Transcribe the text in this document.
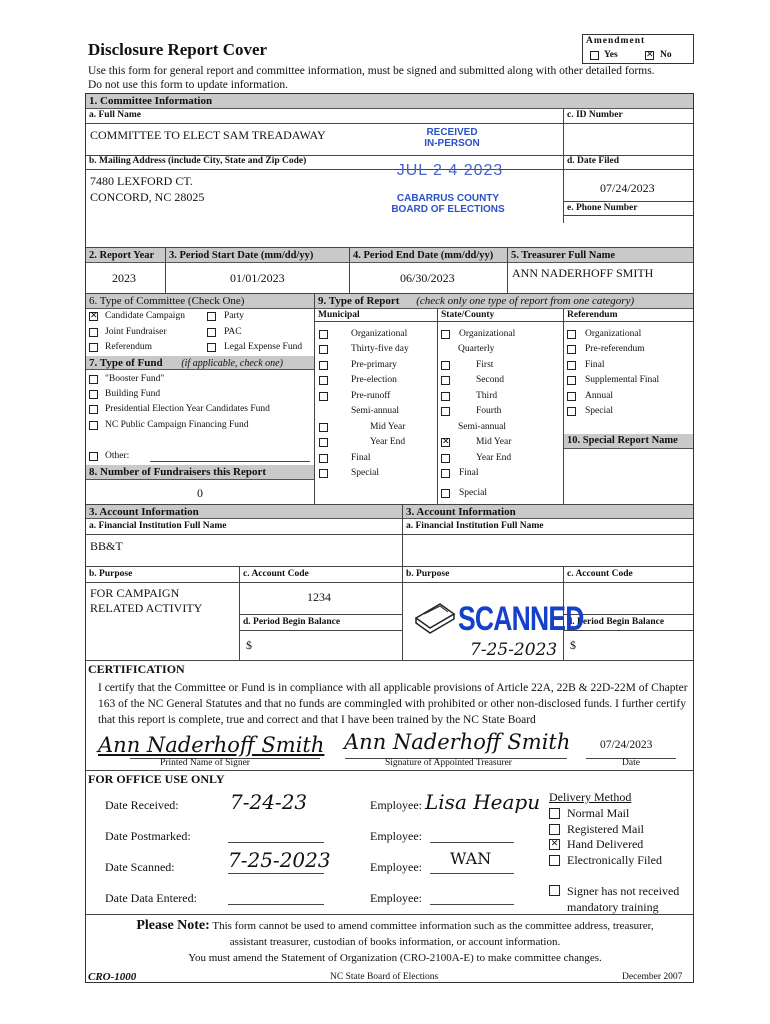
Disclosure Report Cover
Use this form for general report and committee information, must be signed and submitted along with other detailed forms.
Do not use this form to update information.
Amendment
Yes	✕ No
1. Committee Information
a. Full Name	c. ID Number
COMMITTEE TO ELECT SAM TREADAWAY
b. Mailing Address (include City, State and Zip Code)	d. Date Filed
7480 LEXFORD CT.
CONCORD, NC 28025
07/24/2023
e. Phone Number
RECEIVED
IN-PERSON
JUL 2 4 2023
CABARRUS COUNTY
BOARD OF ELECTIONS
2. Report Year 3. Period Start Date (mm/dd/yy)	4. Period End Date (mm/dd/yy) 5. Treasurer Full Name
2023	01/01/2023	06/30/2023	ANN NADERHOFF SMITH
6. Type of Committee (Check One)
✕ Candidate Campaign
Joint Fundraiser
Referendum
Party
PAC
Legal Expense Fund
7. Type of Fund (if applicable, check one)
"Booster Fund"
Building Fund
Presidential Election Year Candidates Fund
NC Public Campaign Financing Fund
Other:
8. Number of Fundraisers this Report
0
9. Type of Report (check only one type of report from one category)
Municipal	State/County	Referendum
Organizational
Thirty-five day
Pre-primary
Pre-election
Pre-runoff
Semi-annual
Mid Year
Year End
Final
Special
Organizational
Quarterly
First
Second
Third
Fourth
Semi-annual
✕	Mid Year
Year End
Final
Special
Organizational
Pre-referendum
Final
Supplemental Final
Annual
Special
10. Special Report Name
3. Account Information	3. Account Information
a. Financial Institution Full Name	a. Financial Institution Full Name
BB&T
b. Purpose	c. Account Code	b. Purpose	c. Account Code
FOR CAMPAIGN
RELATED ACTIVITY
1234
d. Period Begin Balance	d. Period Begin Balance
$	$
SCANNED
7-25-2023
CERTIFICATION
I certify that the Committee or Fund is in compliance with all applicable provisions of Article 22A, 22B & 22D-22M of Chapter 163 of the NC General Statutes and that no funds are commingled with prohibited or other non-disclosed funds. I further certify that this report is complete, true and correct and that I have been trained by the NC State Board
Ann Naderhoff Smith Ann Naderhoff Smith
Printed Name of Signer	Signature of Appointed Treasurer
07/24/2023
Date
FOR OFFICE USE ONLY
Date Received:	7-24-23	Employee: Lisa Heapu
Date Postmarked:	Employee:
Date Scanned:	7-25-2023	Employee: WAN
Date Data Entered:	Employee:
Delivery Method
Normal Mail
Registered Mail
✕ Hand Delivered
Electronically Filed
Signer has not received
mandatory training
Please Note: This form cannot be used to amend committee information such as the committee address, treasurer,
assistant treasurer, custodian of books information, or account information.
You must amend the Statement of Organization (CRO-2100A-E) to make committee changes.
CRO-1000	NC State Board of Elections	December 2007
